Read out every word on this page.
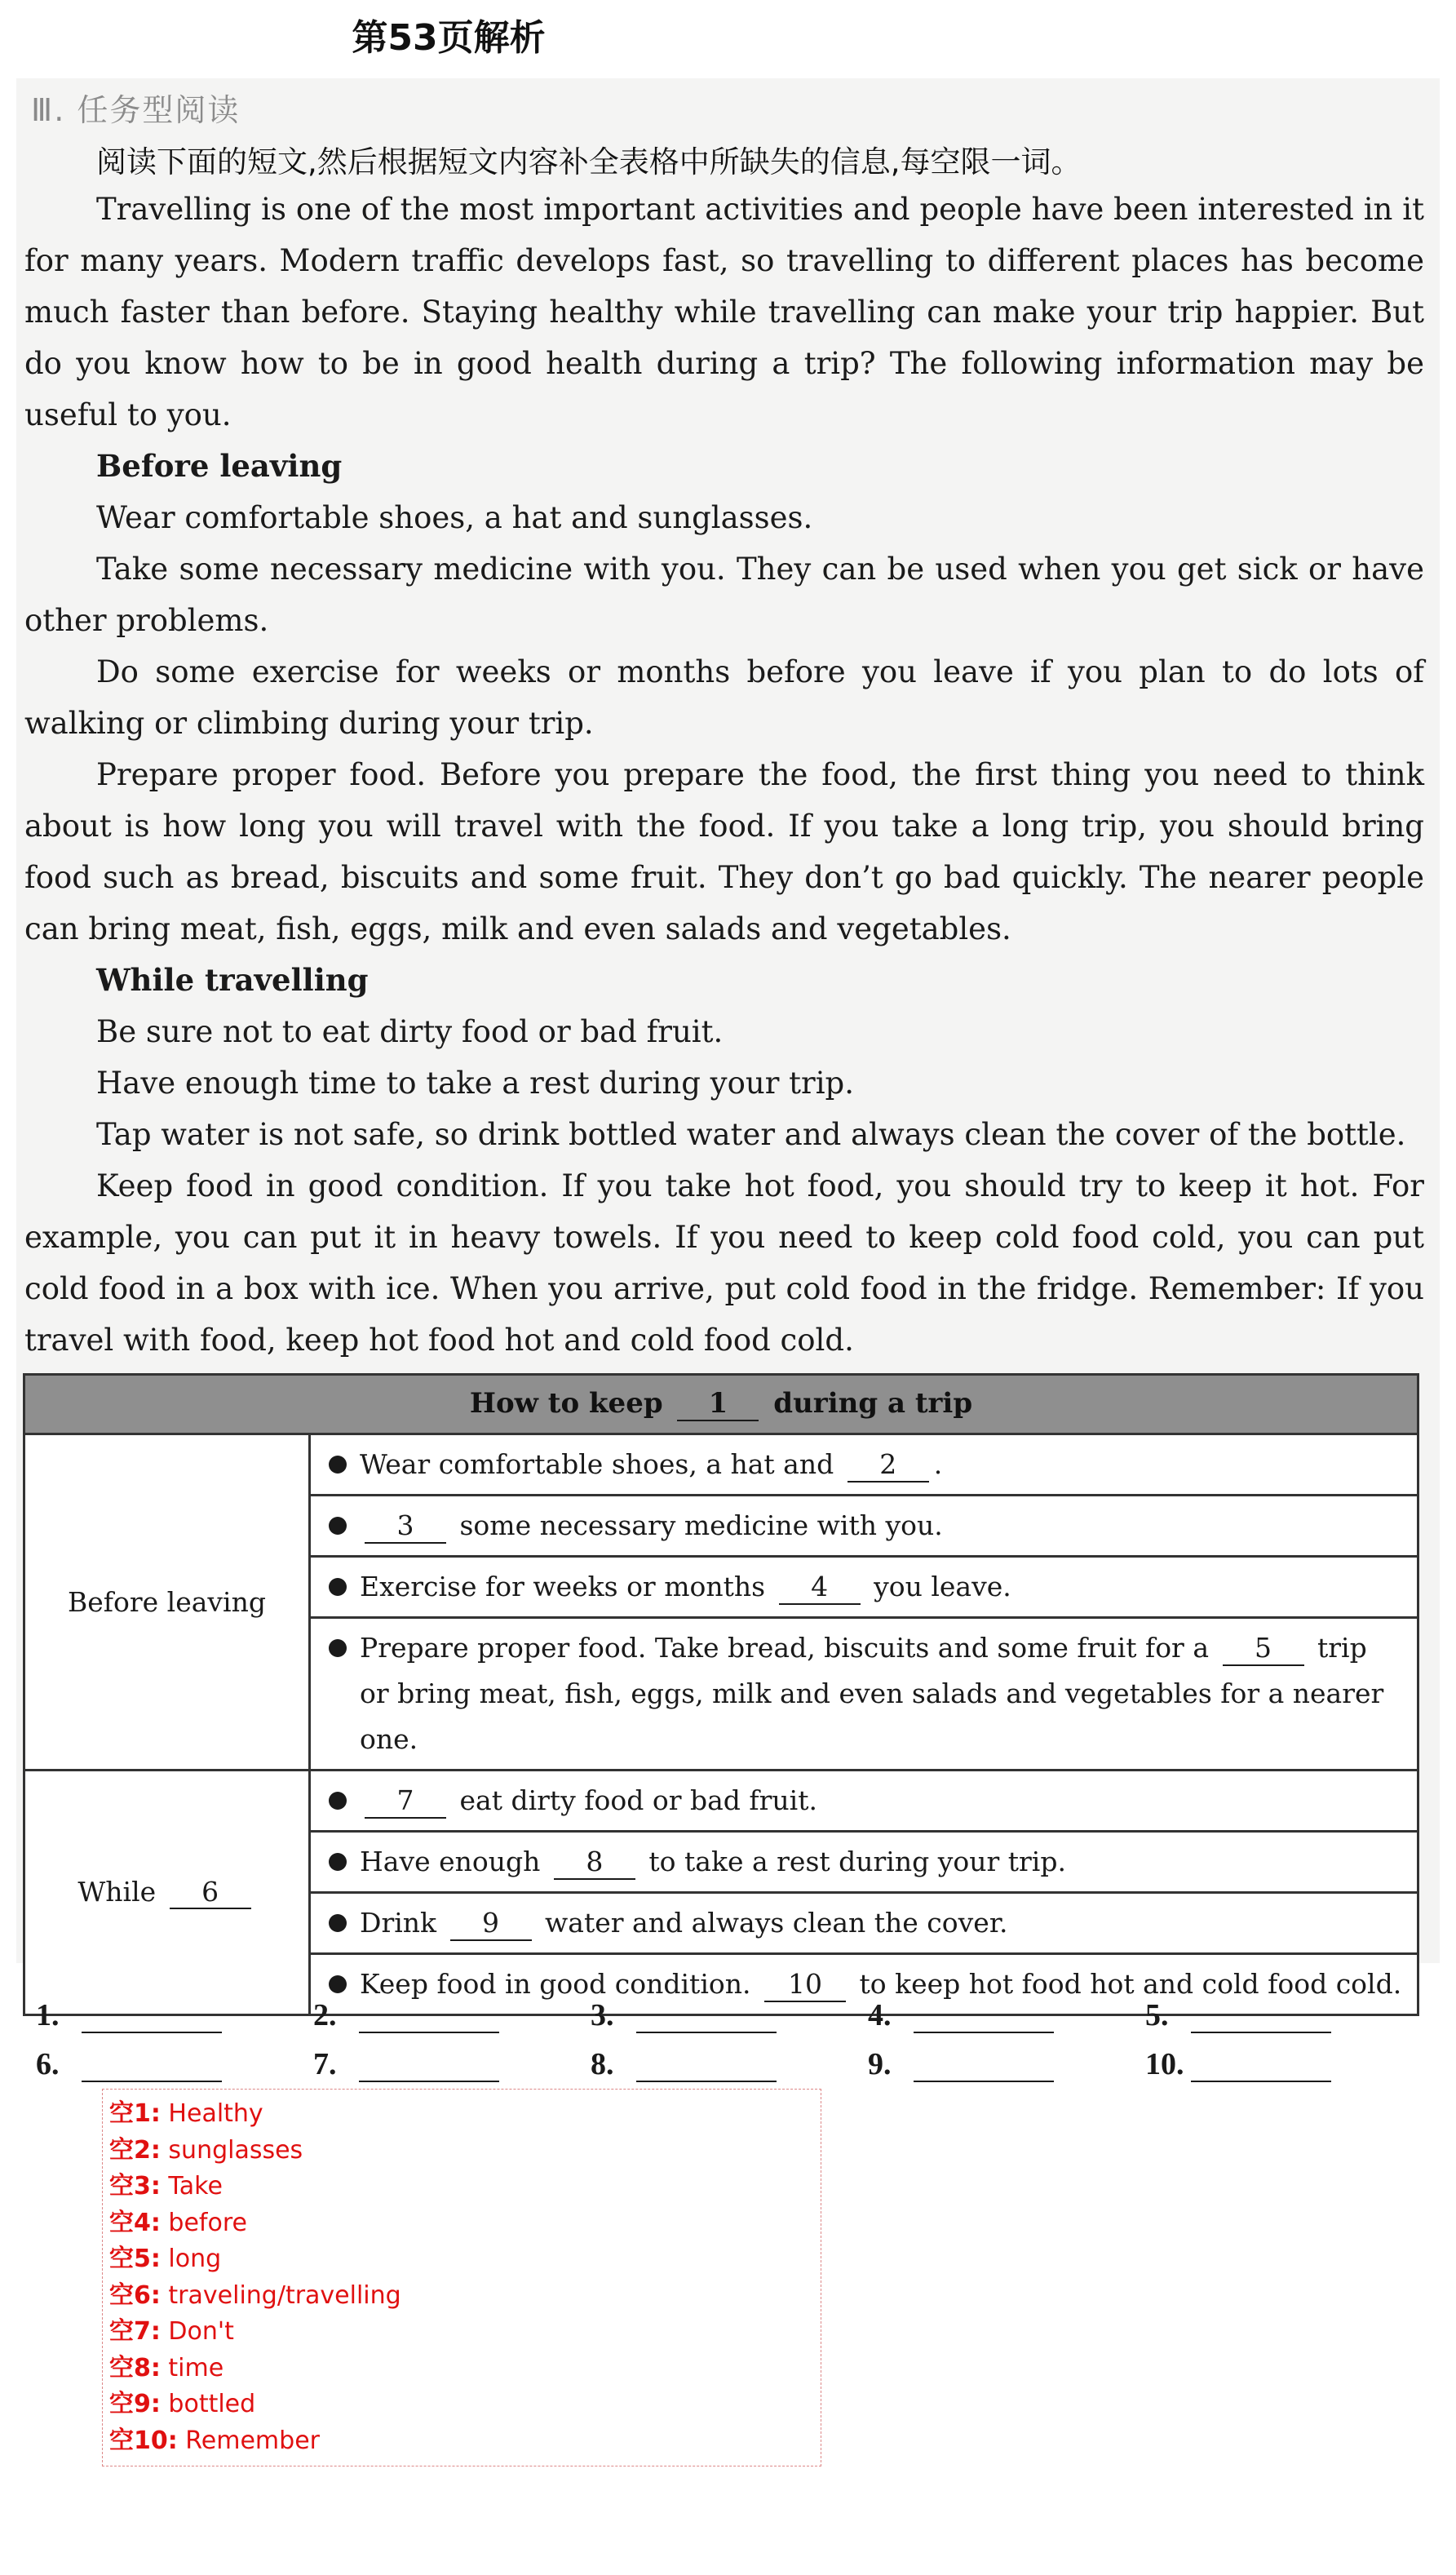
第53页解析
Ⅲ. 任务型阅读
阅读下面的短文,然后根据短文内容补全表格中所缺失的信息,每空限一词。

Travelling is one of the most important activities and people have been interested in it for many years. Modern traffic develops fast, so travelling to different places has become much faster than before. Staying healthy while travelling can make your trip happier. But do you know how to be in good health during a trip? The following information may be useful to you.

Before leaving

Wear comfortable shoes, a hat and sunglasses.

Take some necessary medicine with you. They can be used when you get sick or have other problems.

Do some exercise for weeks or months before you leave if you plan to do lots of walking or climbing during your trip.

Prepare proper food. Before you prepare the food, the first thing you need to think about is how long you will travel with the food. If you take a long trip, you should bring food such as bread, biscuits and some fruit. They don’t go bad quickly. The nearer people can bring meat, fish, eggs, milk and even salads and vegetables.

While travelling

Be sure not to eat dirty food or bad fruit.

Have enough time to take a rest during your trip.

Tap water is not safe, so drink bottled water and always clean the cover of the bottle.

Keep food in good condition. If you take hot food, you should try to keep it hot. For example, you can put it in heavy towels. If you need to keep cold food cold, you can put cold food in a box with ice. When you arrive, put cold food in the fridge. Remember: If you travel with food, keep hot food hot and cold food cold.

How to keep 1 during a trip	
Before leaving	Wear comfortable shoes, a hat and 2 .
	3 some necessary medicine with you.
	Exercise for weeks or months 4 you leave.
	Prepare proper food. Take bread, biscuits and some fruit for a 5 trip or bring meat, fish, eggs, milk and even salads and vegetables for a nearer one.
While 6	7 eat dirty food or bad fruit.
	Have enough 8 to take a rest during your trip.
	Drink 9 water and always clean the cover.
	Keep food in good condition. 10 to keep hot food hot and cold food cold.
1.	2.	3.	4.	5.
6.	7.	8.	9.	10.
空1: Healthy
空2: sunglasses
空3: Take
空4: before
空5: long
空6: traveling/travelling
空7: Don't
空8: time
空9: bottled
空10: Remember
